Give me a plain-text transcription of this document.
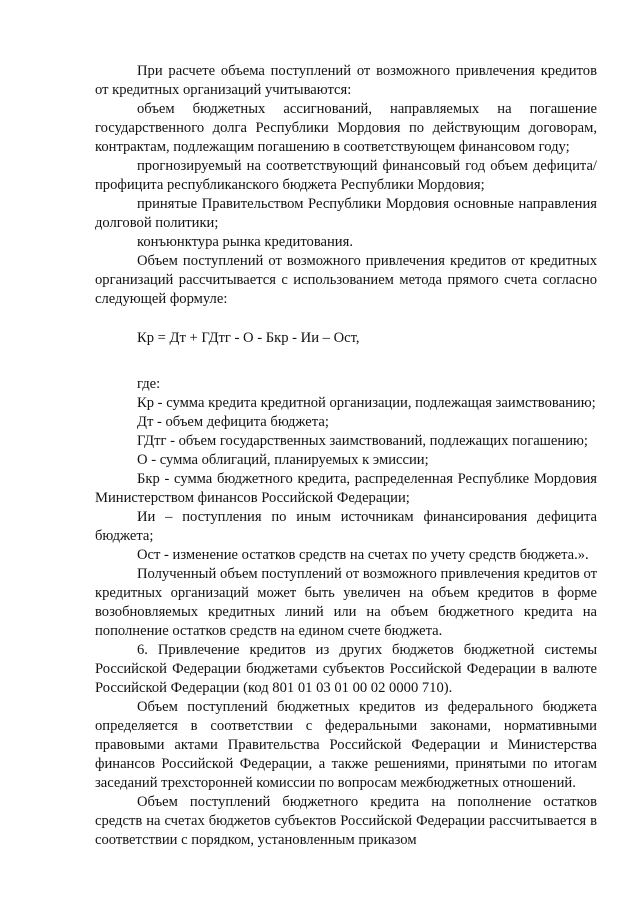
При расчете объема поступлений от возможного привлечения кредитов от кредитных организаций учитываются:

объем бюджетных ассигнований, направляемых на погашение государственного долга Республики Мордовия по действующим договорам, контрактам, подлежащим погашению в соответствующем финансовом году;

прогнозируемый на соответствующий финансовый год объем дефицита/профицита республиканского бюджета Республики Мордовия;

принятые Правительством Республики Мордовия основные направления долговой политики;

конъюнктура рынка кредитования.

Объем поступлений от возможного привлечения кредитов от кредитных организаций рассчитывается с использованием метода прямого счета согласно следующей формуле:

Кр = Дт + ГДтг - О - Бкр - Ии – Ост,

где:

Кр - сумма кредита кредитной организации, подлежащая заимствованию;

Дт - объем дефицита бюджета;

ГДтг - объем государственных заимствований, подлежащих погашению;

О - сумма облигаций, планируемых к эмиссии;

Бкр - сумма бюджетного кредита, распределенная Республике Мордовия Министерством финансов Российской Федерации;

Ии – поступления по иным источникам финансирования дефицита бюджета;

Ост - изменение остатков средств на счетах по учету средств бюджета.».

Полученный объем поступлений от возможного привлечения кредитов от кредитных организаций может быть увеличен на объем кредитов в форме возобновляемых кредитных линий или на объем бюджетного кредита на пополнение остатков средств на едином счете бюджета.

6. Привлечение кредитов из других бюджетов бюджетной системы Российской Федерации бюджетами субъектов Российской Федерации в валюте Российской Федерации (код 801 01 03 01 00 02 0000 710).

Объем поступлений бюджетных кредитов из федерального бюджета определяется в соответствии с федеральными законами, нормативными правовыми актами Правительства Российской Федерации и Министерства финансов Российской Федерации, а также решениями, принятыми по итогам заседаний трехсторонней комиссии по вопросам межбюджетных отношений.

Объем поступлений бюджетного кредита на пополнение остатков средств на счетах бюджетов субъектов Российской Федерации рассчитывается в соответствии с порядком, установленным приказом
